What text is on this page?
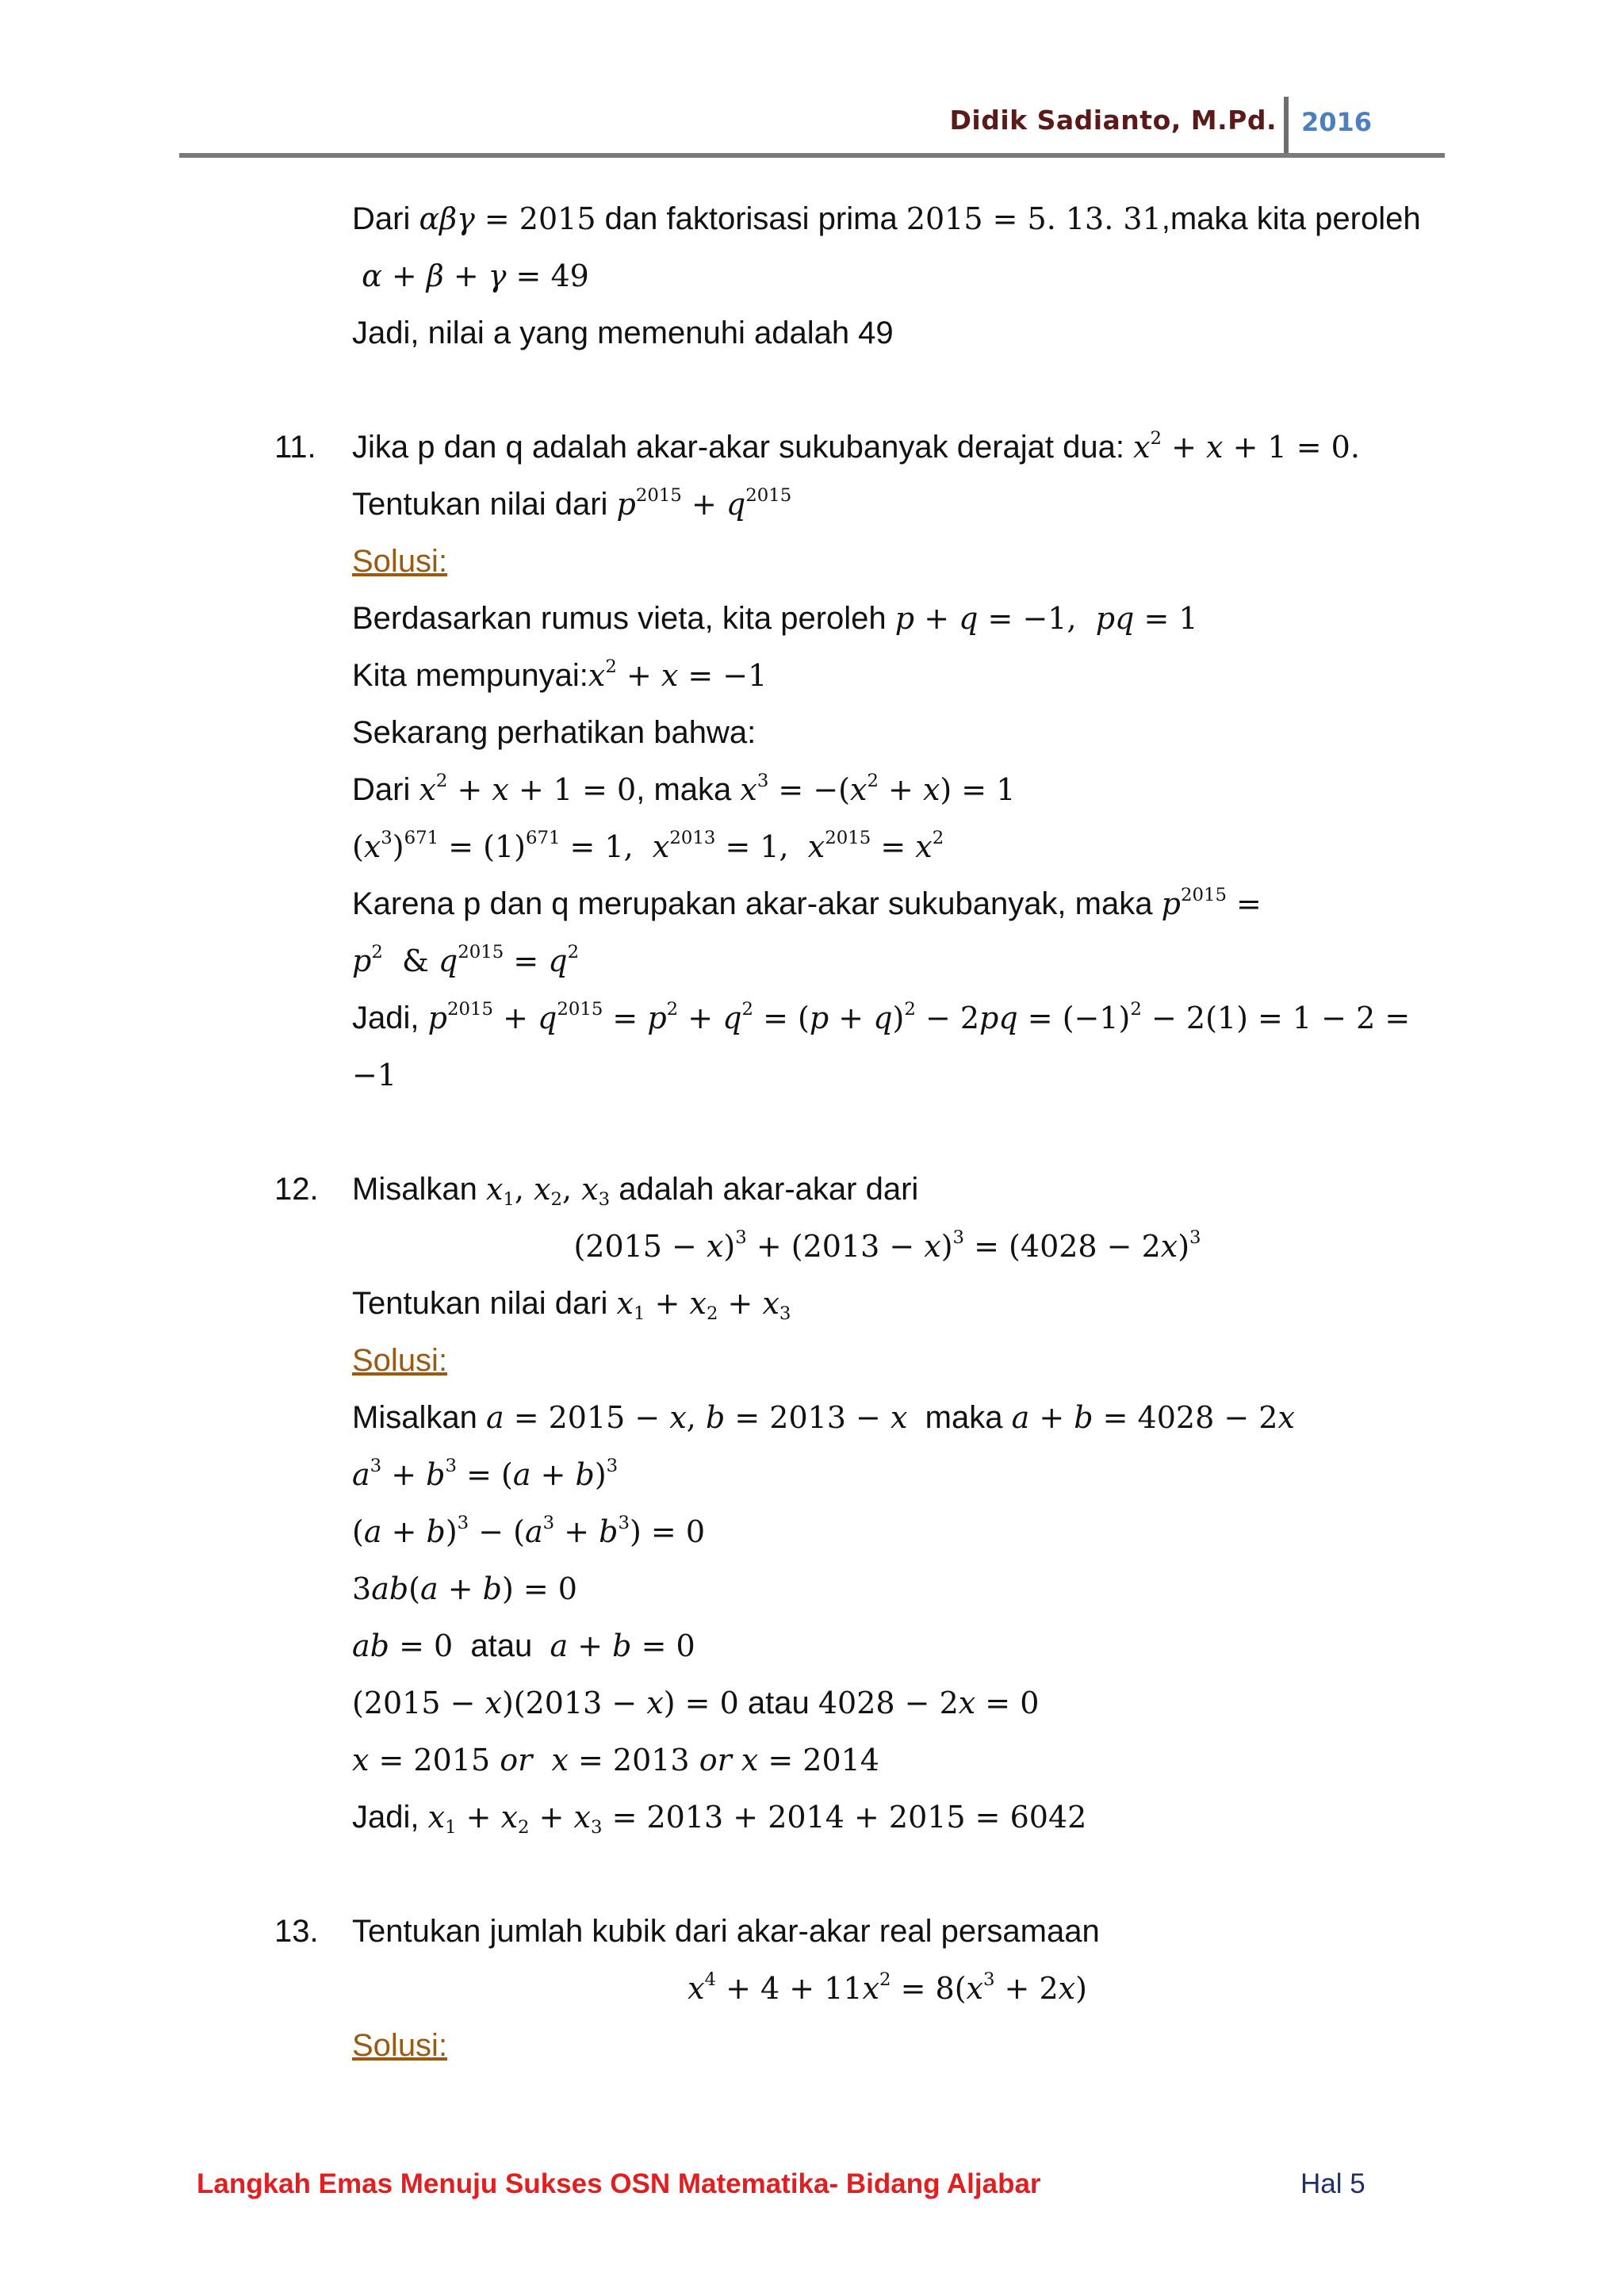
Didik Sadianto, M.Pd. 2016
Dari αβγ = 2015 dan faktorisasi prima 2015 = 5. 13. 31,maka kita peroleh
α + β + γ = 49
Jadi, nilai a yang memenuhi adalah 49
11. Jika p dan q adalah akar-akar sukubanyak derajat dua: $x^2 + x + 1 = 0$.
Tentukan nilai dari $p^{2015} + q^{2015}$
Solusi:
Berdasarkan rumus vieta, kita peroleh p + q = −1,  pq = 1
Kita $mempunyai:x^2 + x = -1$
Sekarang perhatikan bahwa:
Dari $x^2 + x + 1 = 0$, maka $x^3 = -(x^2 + x) = 1$
$(x^3)^{671} = (1)^{671} = 1$,  $x^{2013} = 1$,  $x^{2015} = x^2$
Karena p dan q merupakan akar-akar sukubanyak, maka $p^{2015}$ =
$p^2$  & $q^{2015} = q^2$
Jadi, $p^{2015} + q^{2015} = p^2 + q^2 = (p + q)^2 - 2pq = (-1)^2 - 2(1) = 1 - 2$ =
−1
12. Misalkan $x_1$, $x_2$, $x_3$ adalah akar-akar dari
$(2015 - x)^3 + (2013 - x)^3 = (4028 - 2x)^3$
Tentukan nilai dari $x_1 + x_2 + x_3$
Solusi:
Misalkan a = 2015 − x, b = 2013 − x maka a + b = 4028 − 2x
$a^3 + b^3 = (a + b)^3$
$(a + b)^3 - (a^3 + b^3) = 0$
3ab(a + b) = 0
ab = 0 atau a + b = 0
(2015 − x)(2013 − x) = 0 atau 4028 − 2x = 0
x = 2015 or x = 2013 or x = 2014
Jadi, $x_1 + x_2 + x_3 = 2013 + 2014 + 2015 = 6042$
13. Tentukan jumlah kubik dari akar-akar real persamaan
$x^4 + 4 + 11x^2 = 8(x^3 + 2x)$
Solusi:
Langkah Emas Menuju Sukses OSN Matematika- Bidang Aljabar	Hal 5
